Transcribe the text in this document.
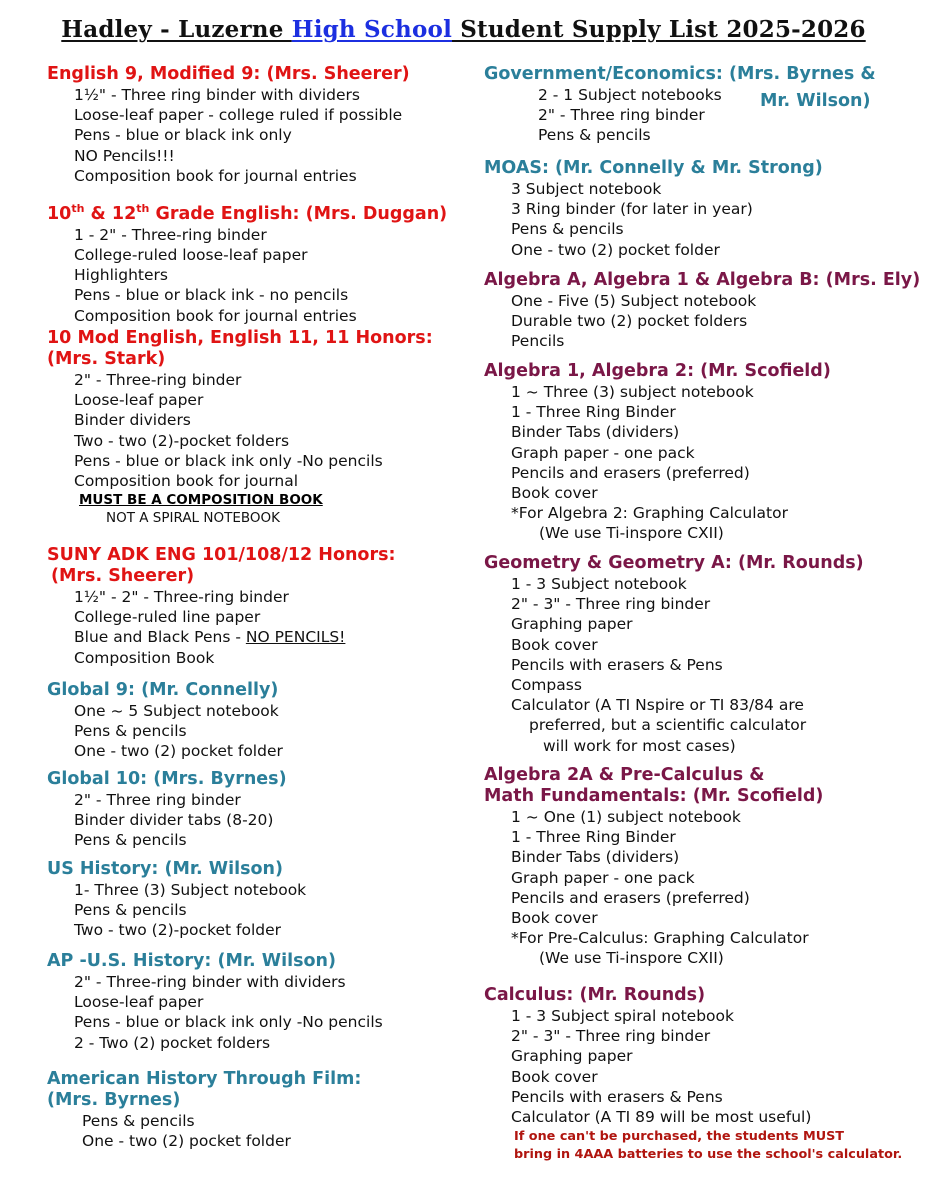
Hadley - Luzerne High School Student Supply List 2025-2026
English 9, Modified 9: (Mrs. Sheerer)
1½" - Three ring binder with dividers
Loose-leaf paper - college ruled if possible
Pens - blue or black ink only
NO Pencils!!!
Composition book for journal entries
10th & 12th Grade English: (Mrs. Duggan)
1 - 2" - Three-ring binder
College-ruled loose-leaf paper
Highlighters
Pens - blue or black ink - no pencils
Composition book for journal entries
10 Mod English, English 11, 11 Honors:
(Mrs. Stark)
2" - Three-ring binder
Loose-leaf paper
Binder dividers
Two - two (2)-pocket folders
Pens - blue or black ink only -No pencils
Composition book for journal
MUST BE A COMPOSITION BOOK
NOT A SPIRAL NOTEBOOK
SUNY ADK ENG 101/108/12 Honors:
(Mrs. Sheerer)
1½" - 2" - Three-ring binder
College-ruled line paper
Blue and Black Pens - NO PENCILS!
Composition Book
Global 9: (Mr. Connelly)
One ~ 5 Subject notebook
Pens & pencils
One - two (2) pocket folder
Global 10: (Mrs. Byrnes)
2" - Three ring binder
Binder divider tabs (8-20)
Pens & pencils
US History: (Mr. Wilson)
1- Three (3) Subject notebook
Pens & pencils
Two - two (2)-pocket folder
AP -U.S. History: (Mr. Wilson)
2" - Three-ring binder with dividers
Loose-leaf paper
Pens - blue or black ink only -No pencils
2 - Two (2) pocket folders
American History Through Film:
(Mrs. Byrnes)
Pens & pencils
One - two (2) pocket folder
Government/Economics: (Mrs. Byrnes &
Mr. Wilson)
2 - 1 Subject notebooks
2" - Three ring binder
Pens & pencils
MOAS: (Mr. Connelly & Mr. Strong)
3 Subject notebook
3 Ring binder (for later in year)
Pens & pencils
One - two (2) pocket folder
Algebra A, Algebra 1 & Algebra B: (Mrs. Ely)
One - Five (5) Subject notebook
Durable two (2) pocket folders
Pencils
Algebra 1, Algebra 2: (Mr. Scofield)
1 ~ Three (3) subject notebook
1 - Three Ring Binder
Binder Tabs (dividers)
Graph paper - one pack
Pencils and erasers (preferred)
Book cover
*For Algebra 2: Graphing Calculator
(We use Ti-inspore CXII)
Geometry & Geometry A: (Mr. Rounds)
1 - 3 Subject notebook
2" - 3" - Three ring binder
Graphing paper
Book cover
Pencils with erasers & Pens
Compass
Calculator (A TI Nspire or TI 83/84 are
preferred, but a scientific calculator
will work for most cases)
Algebra 2A & Pre-Calculus &
Math Fundamentals: (Mr. Scofield)
1 ~ One (1) subject notebook
1 - Three Ring Binder
Binder Tabs (dividers)
Graph paper - one pack
Pencils and erasers (preferred)
Book cover
*For Pre-Calculus: Graphing Calculator
(We use Ti-inspore CXII)
Calculus: (Mr. Rounds)
1 - 3 Subject spiral notebook
2" - 3" - Three ring binder
Graphing paper
Book cover
Pencils with erasers & Pens
Calculator (A TI 89 will be most useful)
If one can't be purchased, the students MUST
bring in 4AAA batteries to use the school's calculator.
